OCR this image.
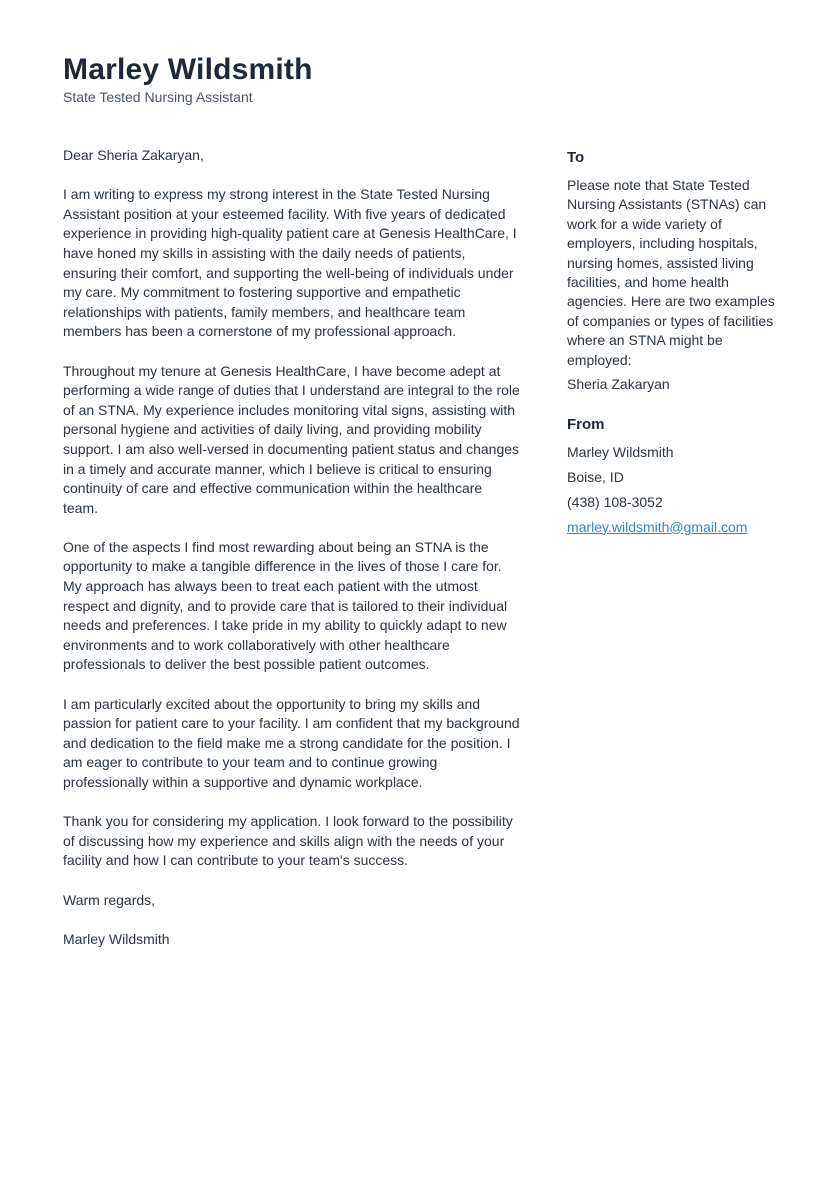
Marley Wildsmith
State Tested Nursing Assistant

Dear Sheria Zakaryan,

I am writing to express my strong interest in the State Tested Nursing Assistant position at your esteemed facility. With five years of dedicated experience in providing high-quality patient care at Genesis HealthCare, I have honed my skills in assisting with the daily needs of patients, ensuring their comfort, and supporting the well-being of individuals under my care. My commitment to fostering supportive and empathetic relationships with patients, family members, and healthcare team members has been a cornerstone of my professional approach.

Throughout my tenure at Genesis HealthCare, I have become adept at performing a wide range of duties that I understand are integral to the role of an STNA. My experience includes monitoring vital signs, assisting with personal hygiene and activities of daily living, and providing mobility support. I am also well-versed in documenting patient status and changes in a timely and accurate manner, which I believe is critical to ensuring continuity of care and effective communication within the healthcare team.

One of the aspects I find most rewarding about being an STNA is the opportunity to make a tangible difference in the lives of those I care for. My approach has always been to treat each patient with the utmost respect and dignity, and to provide care that is tailored to their individual needs and preferences. I take pride in my ability to quickly adapt to new environments and to work collaboratively with other healthcare professionals to deliver the best possible patient outcomes.

I am particularly excited about the opportunity to bring my skills and passion for patient care to your facility. I am confident that my background and dedication to the field make me a strong candidate for the position. I am eager to contribute to your team and to continue growing professionally within a supportive and dynamic workplace.

Thank you for considering my application. I look forward to the possibility of discussing how my experience and skills align with the needs of your facility and how I can contribute to your team's success.

Warm regards,

Marley Wildsmith

To
Please note that State Tested Nursing Assistants (STNAs) can work for a wide variety of employers, including hospitals, nursing homes, assisted living facilities, and home health agencies. Here are two examples of companies or types of facilities where an STNA might be employed:
Sheria Zakaryan
From
Marley Wildsmith
Boise, ID
(438) 108-3052
marley.wildsmith@gmail.com
